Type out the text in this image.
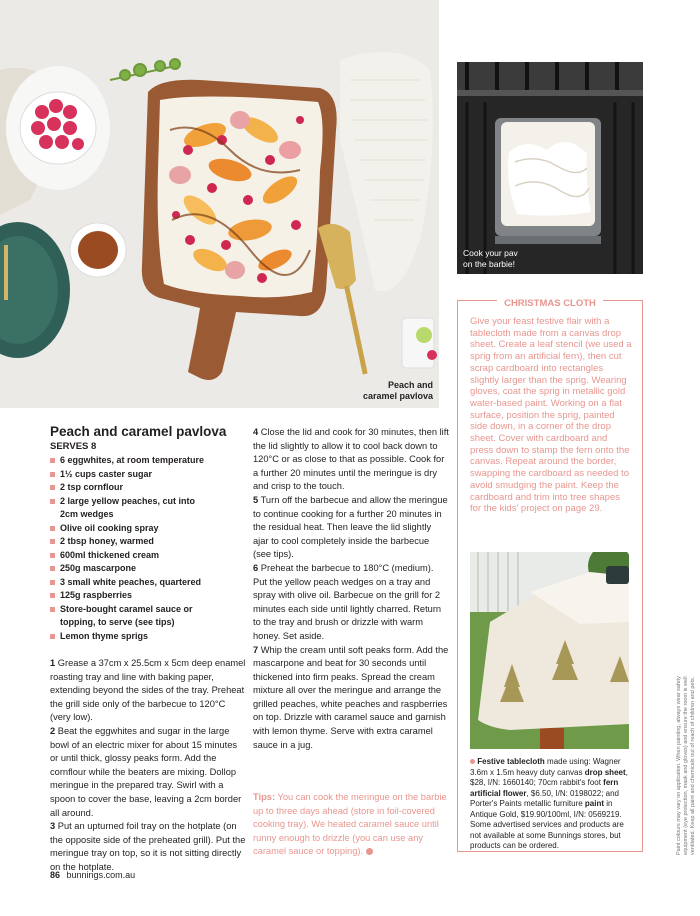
Peach and
caramel pavlova
Cook your pav
on the barbie!
Peach and caramel pavlova
SERVES 8
6 eggwhites, at room temperature
1½ cups caster sugar
2 tsp cornflour
2 large yellow peaches, cut into
2cm wedges
Olive oil cooking spray
2 tbsp honey, warmed
600ml thickened cream
250g mascarpone
3 small white peaches, quartered
125g raspberries
Store-bought caramel sauce or
topping, to serve (see tips)
Lemon thyme sprigs

1 Grease a 37cm x 25.5cm x 5cm deep enamel roasting tray and line with baking paper, extending beyond the sides of the tray. Preheat the grill side only of the barbecue to 120°C (very low).

2 Beat the eggwhites and sugar in the large bowl of an electric mixer for about 15 minutes or until thick, glossy peaks form. Add the cornflour while the beaters are mixing. Dollop meringue in the prepared tray. Swirl with a spoon to cover the base, leaving a 2cm border all around.

3 Put an upturned foil tray on the hotplate (on the opposite side of the preheated grill). Put the meringue tray on top, so it is not sitting directly on the hotplate.

4 Close the lid and cook for 30 minutes, then lift the lid slightly to allow it to cool back down to 120°C or as close to that as possible. Cook for a further 20 minutes until the meringue is dry and crisp to the touch.

5 Turn off the barbecue and allow the meringue to continue cooking for a further 20 minutes in the residual heat. Then leave the lid slightly ajar to cool completely inside the barbecue (see tips).

6 Preheat the barbecue to 180°C (medium). Put the yellow peach wedges on a tray and spray with olive oil. Barbecue on the grill for 2 minutes each side until lightly charred. Return to the tray and brush or drizzle with warm honey. Set aside.

7 Whip the cream until soft peaks form. Add the mascarpone and beat for 30 seconds until thickened into firm peaks. Spread the cream mixture all over the meringue and arrange the grilled peaches, white peaches and raspberries on top. Drizzle with caramel sauce and garnish with lemon thyme. Serve with extra caramel sauce in a jug.

Tips: You can cook the meringue on the barbie up to three days ahead (store in foil-covered cooking tray). We heated caramel sauce until runny enough to drizzle (you can use any caramel sauce or topping).
86 bunnings.com.au
CHRISTMAS CLOTH
Give your feast festive flair with a tablecloth made from a canvas drop sheet. Create a leaf stencil (we used a sprig from an artificial fern), then cut scrap cardboard into rectangles slightly larger than the sprig. Wearing gloves, coat the sprig in metallic gold water-based paint. Working on a flat surface, position the sprig, painted side down, in a corner of the drop sheet. Cover with cardboard and press down to stamp the fern onto the canvas. Repeat around the border, swapping the cardboard as needed to avoid smudging the paint. Keep the cardboard and trim into tree shapes for the kids' project on page 29.
Festive tablecloth made using: Wagner 3.6m x 1.5m heavy duty canvas drop sheet, $28, I/N: 1660140; 70cm rabbit's foot fern artificial flower, $6.50, I/N: 0198022; and Porter's Paints metallic furniture paint in Antique Gold, $19.90/100ml, I/N: 0569219.
Some advertised services and products are not available at some Bunnings stores, but products can be ordered.	Paint colours may vary on application. When painting, always wear safety equipment (eye protection, mask and gloves) and ensure the room is well ventilated. Keep all paint and chemicals out of reach of children and pets.
